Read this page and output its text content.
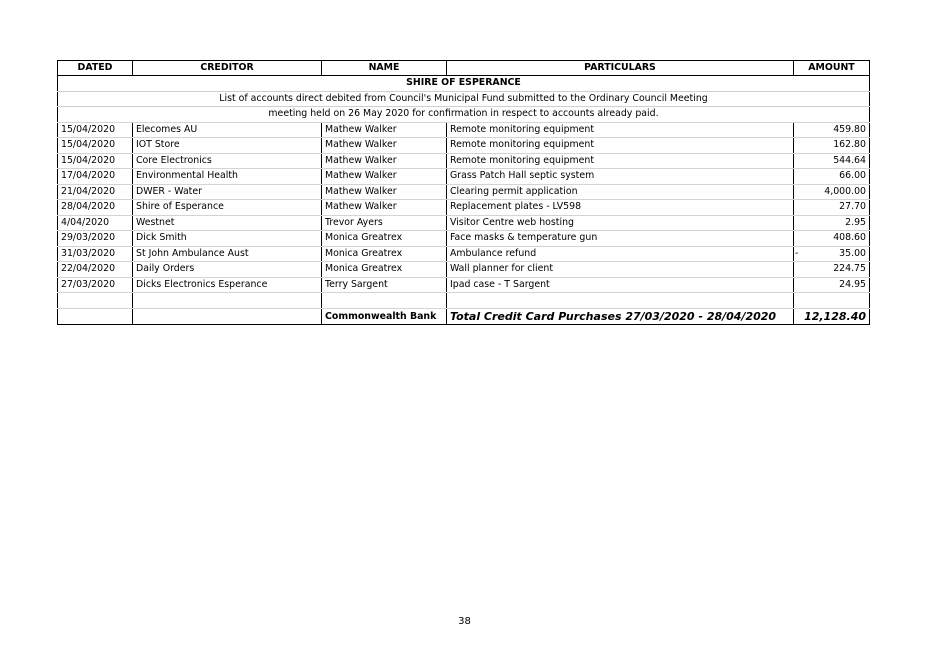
SHIRE OF ESPERANCE				
List of accounts direct debited from Council's Municipal Fund submitted to the Ordinary Council Meeting				
meeting held on 26 May 2020 for confirmation in respect to accounts already paid.				
DATED	CREDITOR	NAME	PARTICULARS	AMOUNT
15/04/2020	Elecomes AU	Mathew Walker	Remote monitoring equipment	459.80
15/04/2020	IOT Store	Mathew Walker	Remote monitoring equipment	162.80
15/04/2020	Core Electronics	Mathew Walker	Remote monitoring equipment	544.64
17/04/2020	Environmental Health	Mathew Walker	Grass Patch Hall septic system	66.00
21/04/2020	DWER - Water	Mathew Walker	Clearing permit application	4,000.00
28/04/2020	Shire of Esperance	Mathew Walker	Replacement plates - LV598	27.70
4/04/2020	Westnet	Trevor Ayers	Visitor Centre web hosting	2.95
29/03/2020	Dick Smith	Monica Greatrex	Face masks & temperature gun	408.60
31/03/2020	St John Ambulance Aust	Monica Greatrex	Ambulance refund	- 35.00
22/04/2020	Daily Orders	Monica Greatrex	Wall planner for client	224.75
27/03/2020	Dicks Electronics Esperance	Terry Sargent	Ipad case - T Sargent	24.95

		Commonwealth Bank	Total Credit Card Purchases 27/03/2020 - 28/04/2020	12,128.40
38
